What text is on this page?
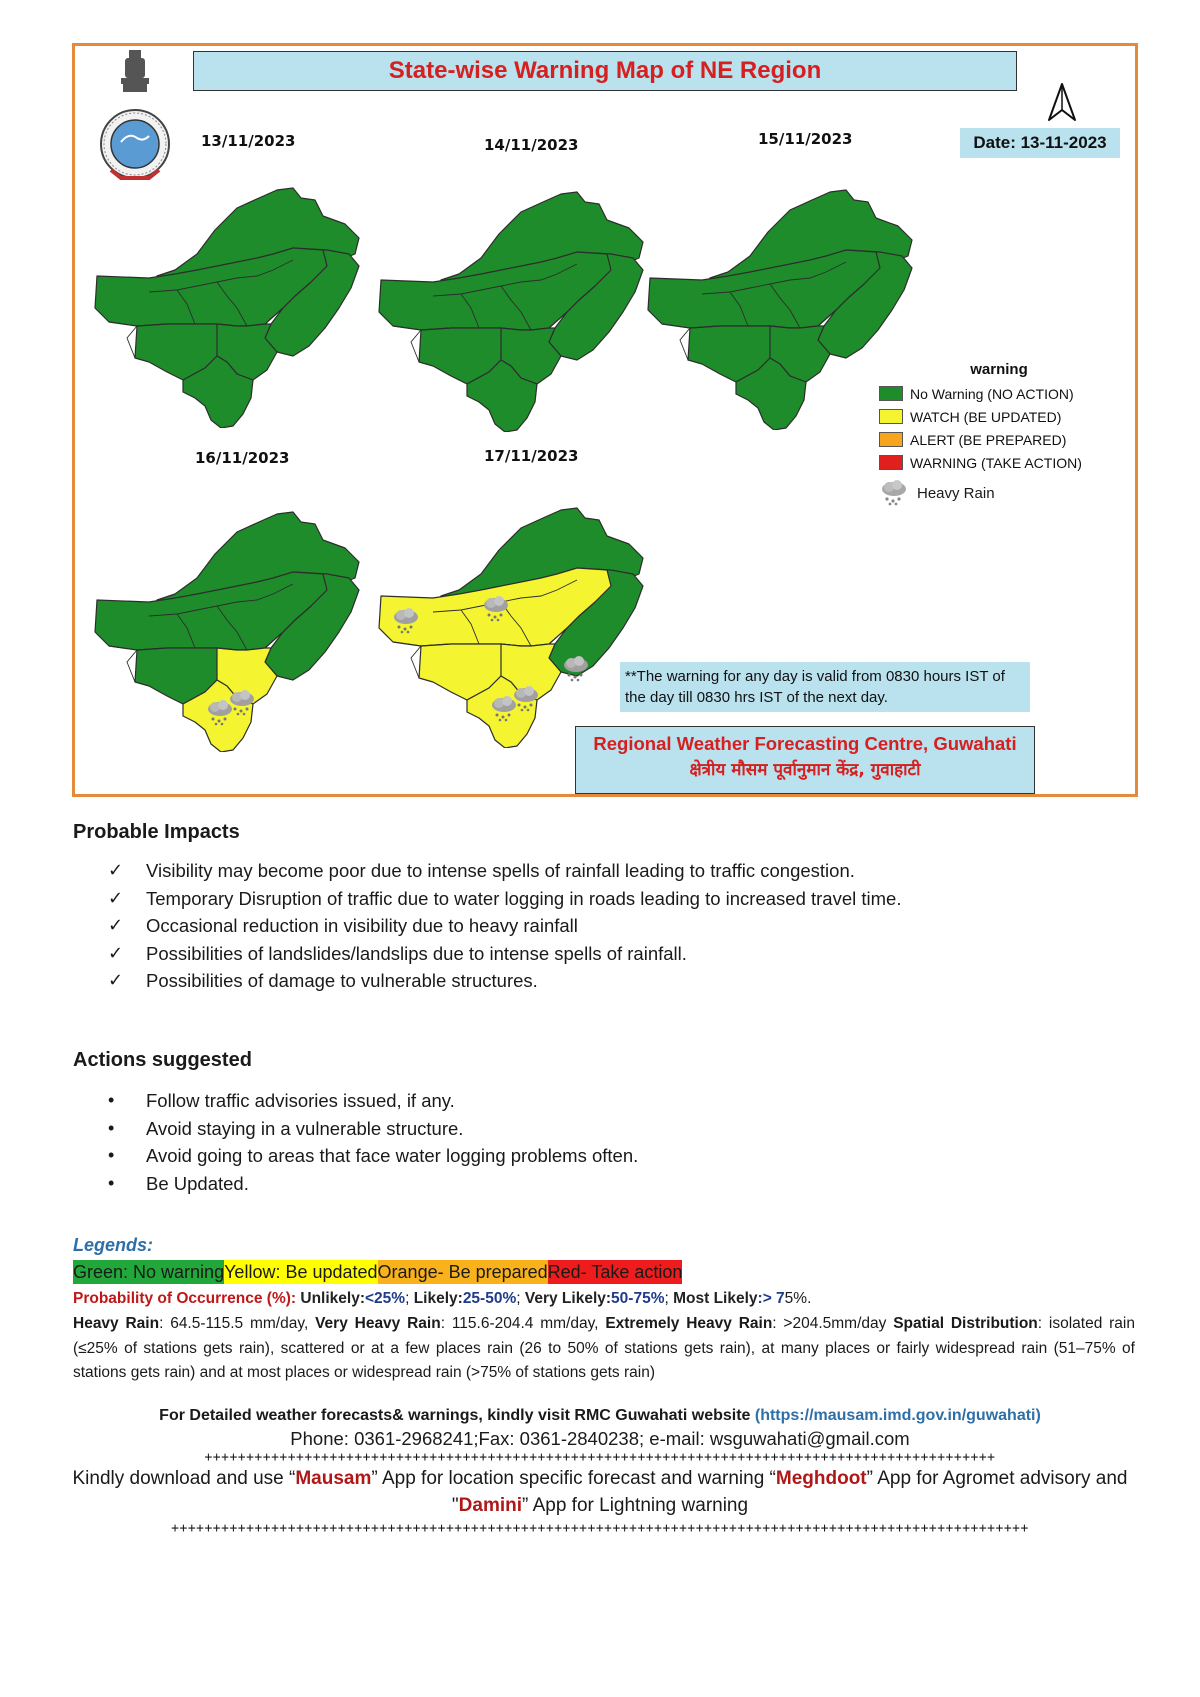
State-wise Warning Map of NE Region
Date: 13-11-2023
13/11/2023	14/11/2023	15/11/2023
16/11/2023	17/11/2023
warning
No Warning (NO ACTION)
WATCH (BE UPDATED)
ALERT (BE PREPARED)
WARNING (TAKE ACTION)
Heavy Rain
**The warning for any day is valid from 0830 hours IST of the day till 0830 hrs IST of the next day.
Regional Weather Forecasting Centre, Guwahati
क्षेत्रीय मौसम पूर्वानुमान केंद्र, गुवाहाटी
Probable Impacts
✓	Visibility may become poor due to intense spells of rainfall leading to traffic congestion.
✓	Temporary Disruption of traffic due to water logging in roads leading to increased travel time.
✓	Occasional reduction in visibility due to heavy rainfall
✓	Possibilities of landslides/landslips due to intense spells of rainfall.
✓	Possibilities of damage to vulnerable structures.
Actions suggested
•	Follow traffic advisories issued, if any.
•	Avoid staying in a vulnerable structure.
•	Avoid going to areas that face water logging problems often.
•	Be Updated.
Legends:
Green: No warning Yellow: Be updated Orange- Be prepared Red- Take action
Probability of Occurrence (%): Unlikely:<25%; Likely:25-50%; Very Likely:50-75%; Most Likely:> 75%.
Heavy Rain: 64.5-115.5 mm/day, Very Heavy Rain: 115.6-204.4 mm/day, Extremely Heavy Rain: >204.5mm/day Spatial Distribution: isolated rain (≤25% of stations gets rain), scattered or at a few places rain (26 to 50% of stations gets rain), at many places or fairly widespread rain (51–75% of stations gets rain) and at most places or widespread rain (>75% of stations gets rain)
For Detailed weather forecasts& warnings, kindly visit RMC Guwahati website (https://mausam.imd.gov.in/guwahati)
Phone: 0361-2968241;Fax: 0361-2840238; e-mail: wsguwahati@gmail.com
+++++++++++++++++++++++++++++++++++++++++++++++++++++++++++++++++++++++++++++++++++++++++++++++
Kindly download and use “Mausam” App for location specific forecast and warning “Meghdoot” App for Agromet advisory and "Damini” App for Lightning warning
+++++++++++++++++++++++++++++++++++++++++++++++++++++++++++++++++++++++++++++++++++++++++++++++++++++++
